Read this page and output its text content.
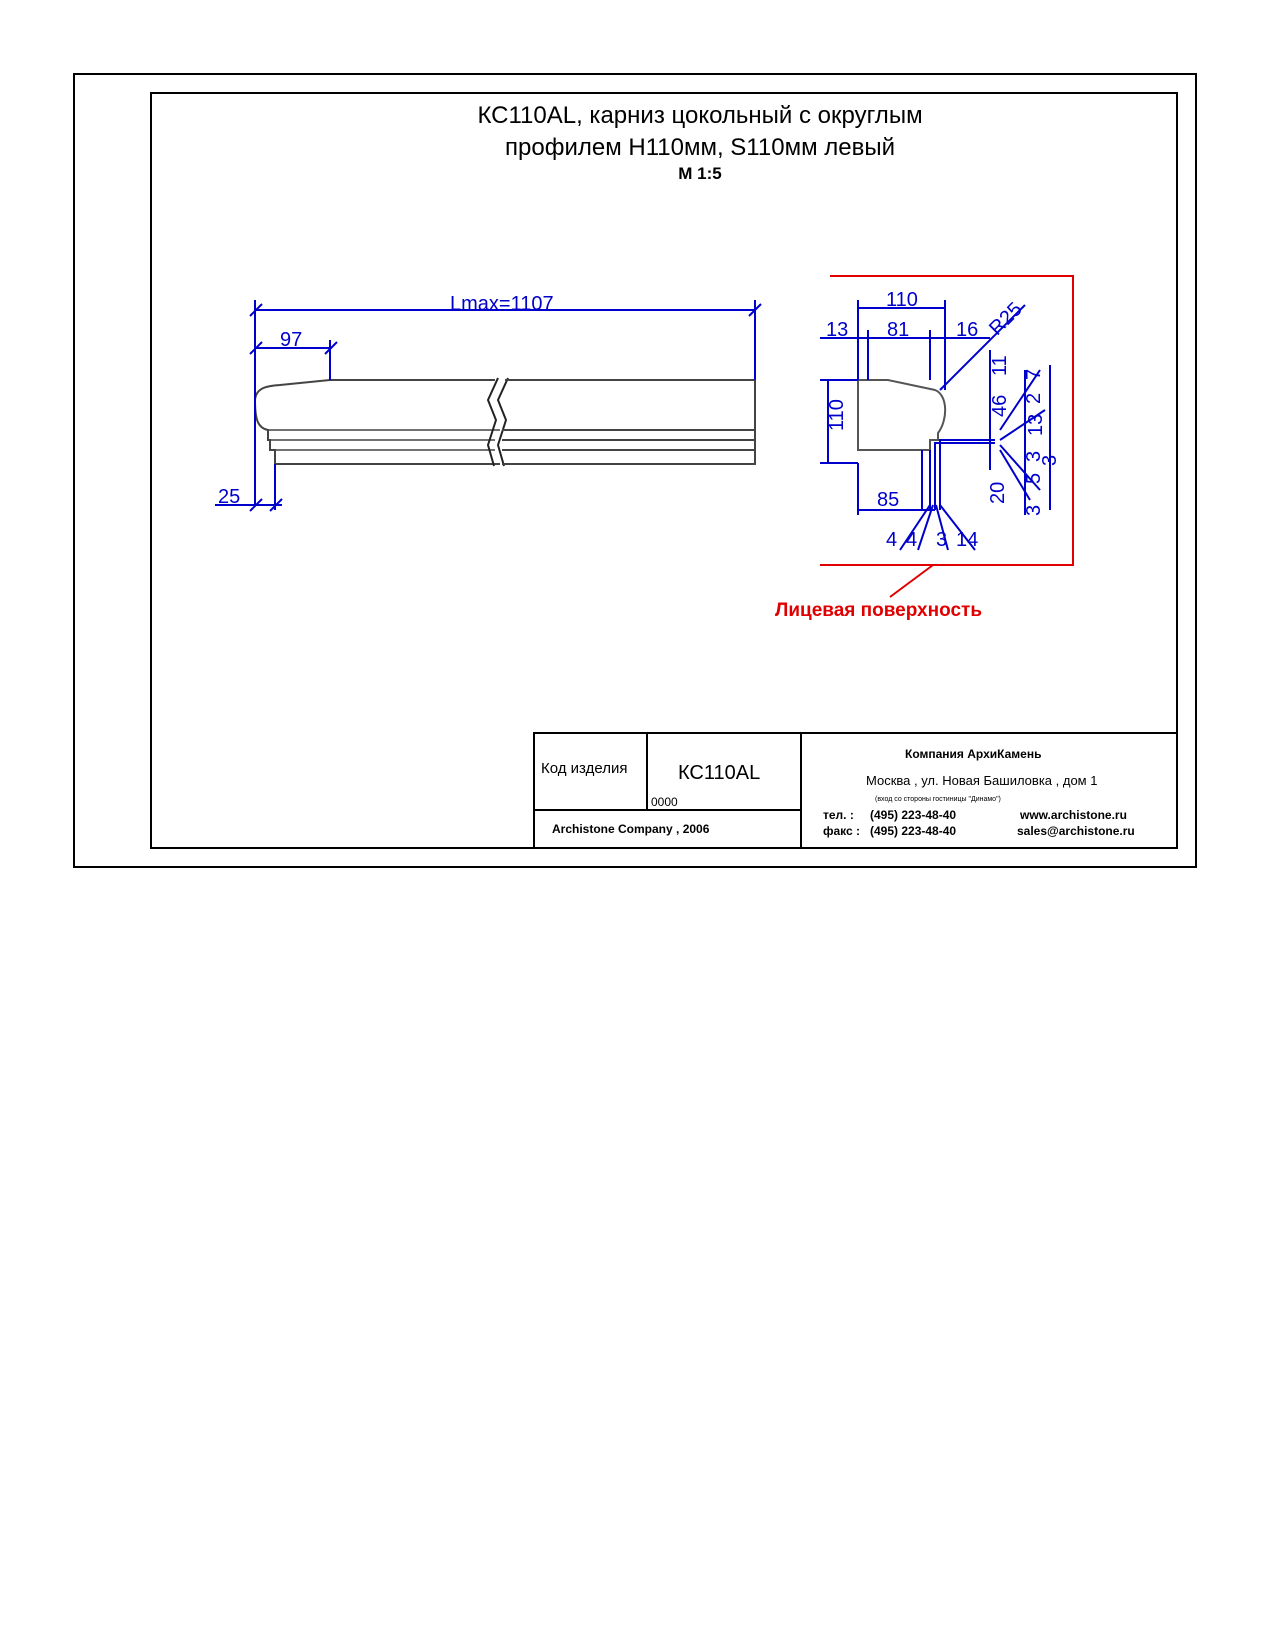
Lmax=1107
97
25
110
13 81 16 R25
110
11
46
7
2
13
3
5
3
20
3
85
4 4 3 14
Лицевая поверхность
Код изделия	КС110AL
0000
Archistone Company , 2006
Компания АрхиКамень
Москва , ул. Новая Башиловка , дом 1
(вход со стороны гостиницы "Динамо")
тел. : (495) 223-48-40
факс : (495) 223-48-40
www.archistone.ru
sales@archistone.ru
КС110AL, карниз цокольный с округлым
профилем Н110мм, S110мм левый
М 1:5
